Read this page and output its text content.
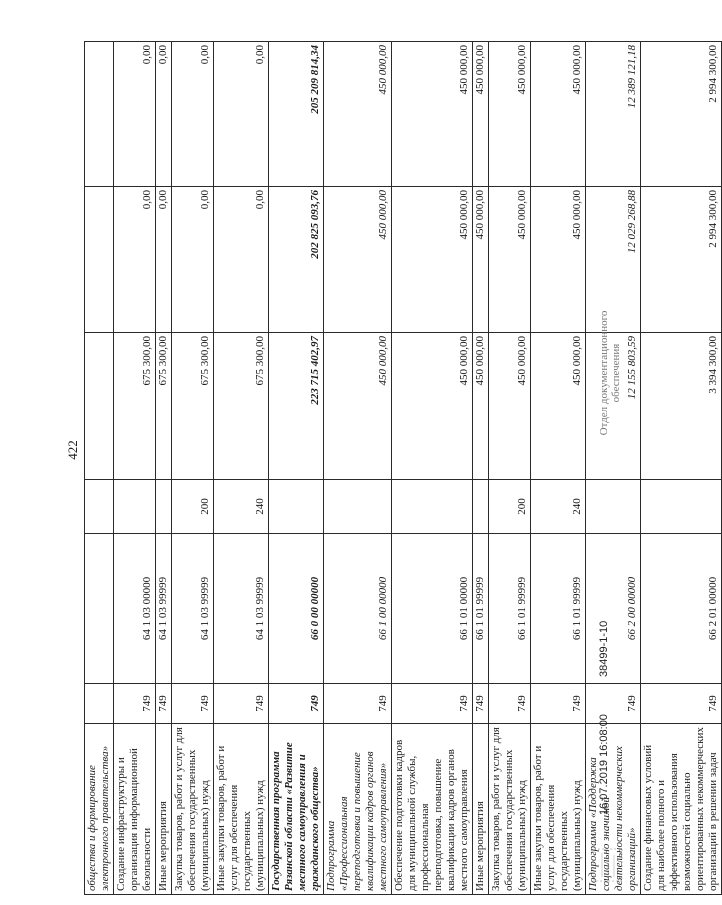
422
общества и формирование электронного правительства»						
Создание инфраструктуры и организация информационной безопасности	749	64 1 03 00000		675 300,00	0,00	0,00
Иные мероприятия	749	64 1 03 99999		675 300,00	0,00	0,00
Закупка товаров, работ и услуг для обеспечения государственных (муниципальных) нужд	749	64 1 03 99999	200	675 300,00	0,00	0,00
Иные закупки товаров, работ и услуг для обеспечения государственных (муниципальных) нужд	749	64 1 03 99999	240	675 300,00	0,00	0,00
Государственная программа Рязанской области «Развитие местного самоуправления и гражданского общества»	749	66 0 00 00000		223 715 402,97	202 825 093,76	205 209 814,34
Подпрограмма «Профессиональная переподготовка и повышение квалификации кадров органов местного самоуправления»	749	66 1 00 00000		450 000,00	450 000,00	450 000,00
Обеспечение подготовки кадров для муниципальной службы, профессиональная переподготовка, повышение квалификации кадров органов местного самоуправления	749	66 1 01 00000		450 000,00	450 000,00	450 000,00
Иные мероприятия	749	66 1 01 99999		450 000,00	450 000,00	450 000,00
Закупка товаров, работ и услуг для обеспечения государственных (муниципальных) нужд	749	66 1 01 99999	200	450 000,00	450 000,00	450 000,00
Иные закупки товаров, работ и услуг для обеспечения государственных (муниципальных) нужд	749	66 1 01 99999	240	450 000,00	450 000,00	450 000,00
Подпрограмма «Поддержка социально значимой деятельности некоммерческих организаций»	749	66 2 00 00000		12 155 803,59	12 029 268,88	12 389 121,18
Создание финансовых условий для наиболее полного и эффективного использования возможностей социально ориентированных некоммерческих организаций в решении задач	749	66 2 01 00000		3 394 300,00	2 994 300,00	2 994 300,00
16.07.2019 16:08:00
38499-1-10
Отдел документационного обеспечения
